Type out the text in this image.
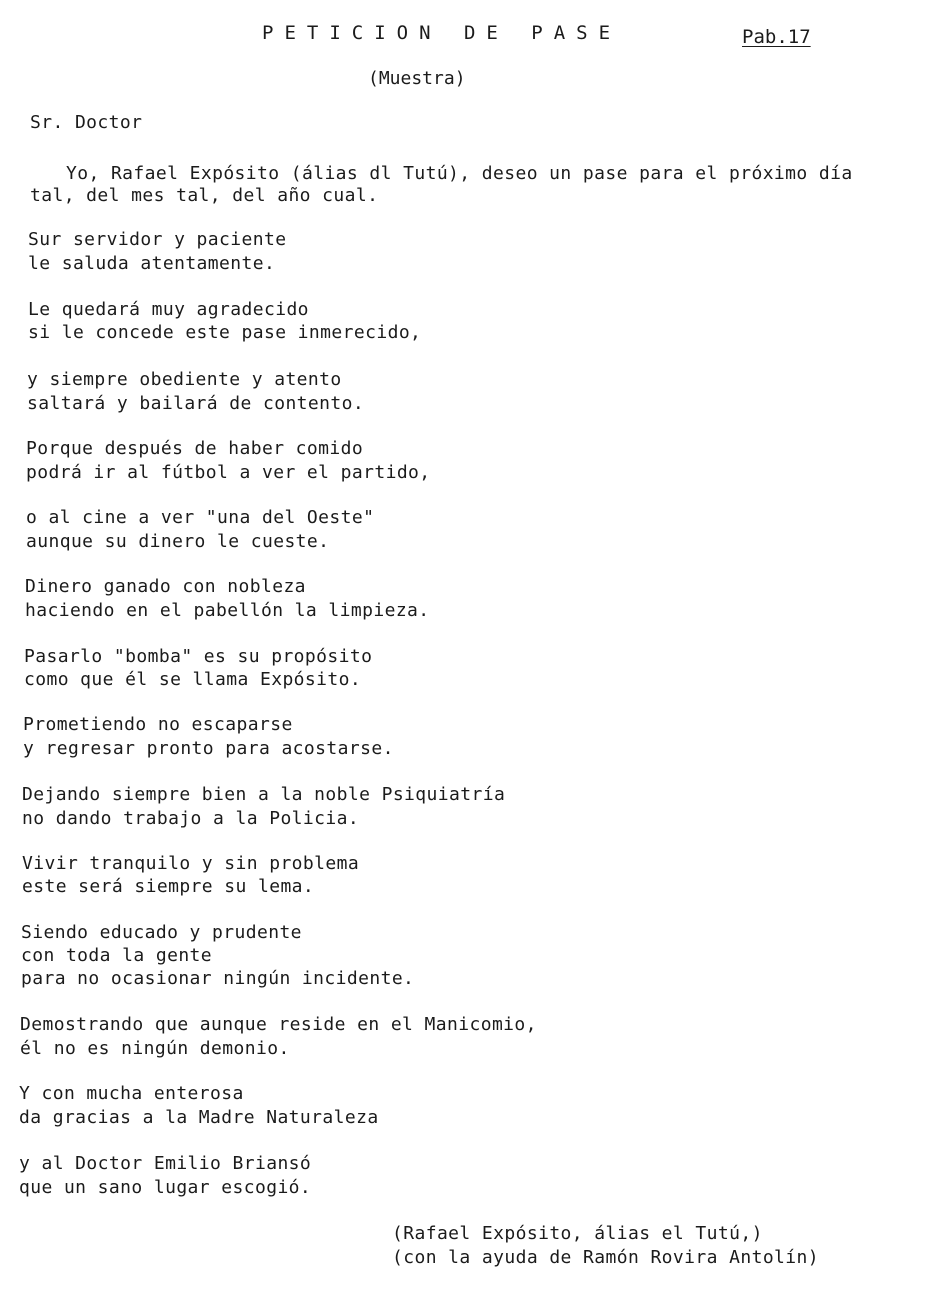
PETICION DE PASE	Pab.17
(Muestra)
Sr. Doctor
Yo, Rafael Expósito (álias dl Tutú), deseo un pase para el próximo día
tal, del mes tal, del año cual.
Sur servidor y paciente
le saluda atentamente.
Le quedará muy agradecido
si le concede este pase inmerecido,
y siempre obediente y atento
saltará y bailará de contento.
Porque después de haber comido
podrá ir al fútbol a ver el partido,
o al cine a ver "una del Oeste"
aunque su dinero le cueste.
Dinero ganado con nobleza
haciendo en el pabellón la limpieza.
Pasarlo "bomba" es su propósito
como que él se llama Expósito.
Prometiendo no escaparse
y regresar pronto para acostarse.
Dejando siempre bien a la noble Psiquiatría
no dando trabajo a la Policia.
Vivir tranquilo y sin problema
este será siempre su lema.
Siendo educado y prudente
con toda la gente
para no ocasionar ningún incidente.
Demostrando que aunque reside en el Manicomio,
él no es ningún demonio.
Y con mucha enterosa
da gracias a la Madre Naturaleza
y al Doctor Emilio Briansó
que un sano lugar escogió.
(Rafael Expósito, álias el Tutú,)
(con la ayuda de Ramón Rovira Antolín)
